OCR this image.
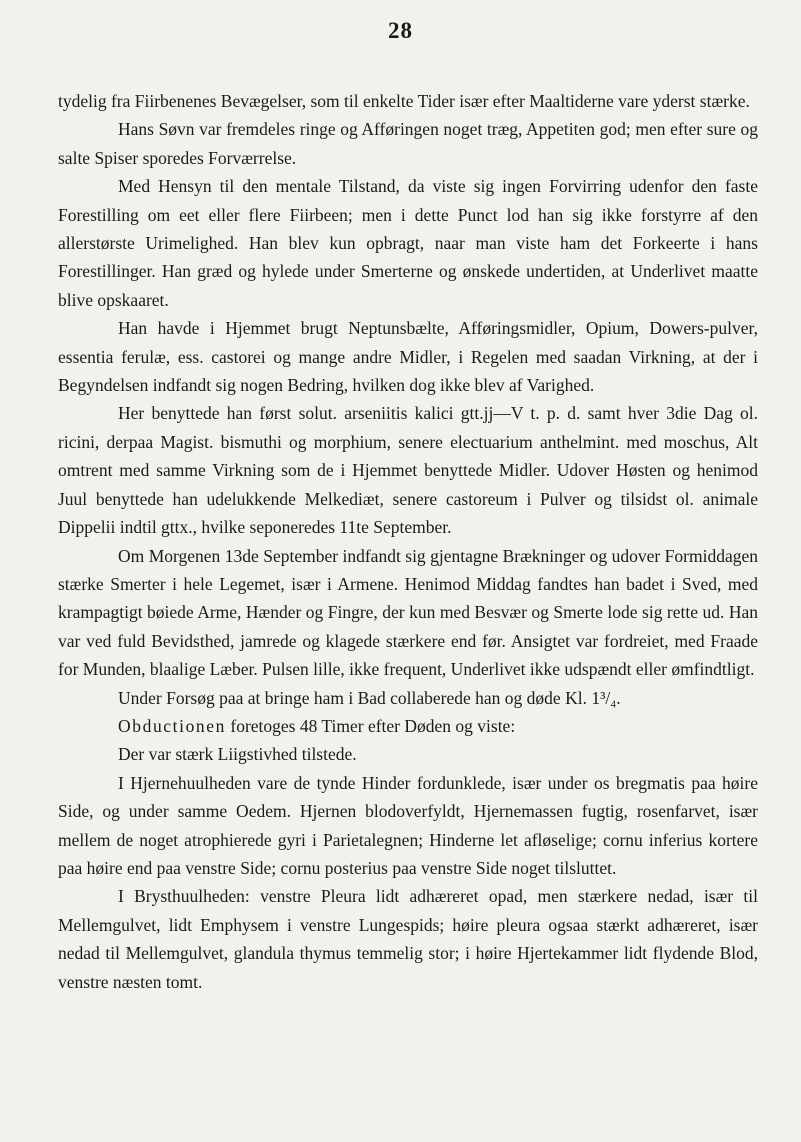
28

tydelig fra Fiirbenenes Bevægelser, som til enkelte Tider især efter Maaltiderne vare yderst stærke.

Hans Søvn var fremdeles ringe og Afføringen noget træg, Appetiten god; men efter sure og salte Spiser sporedes Forværrelse.

Med Hensyn til den mentale Tilstand, da viste sig ingen Forvirring udenfor den faste Forestilling om eet eller flere Fiirbeen; men i dette Punct lod han sig ikke forstyrre af den allerstørste Urimelighed. Han blev kun opbragt, naar man viste ham det Forkeerte i hans Forestillinger. Han græd og hylede under Smerterne og ønskede undertiden, at Underlivet maatte blive opskaaret.

Han havde i Hjemmet brugt Neptunsbælte, Afføringsmidler, Opium, Dowers-pulver, essentia ferulæ, ess. castorei og mange andre Midler, i Regelen med saadan Virkning, at der i Begyndelsen indfandt sig nogen Bedring, hvilken dog ikke blev af Varighed.

Her benyttede han først solut. arseniitis kalici gtt.jj—V t. p. d. samt hver 3die Dag ol. ricini, derpaa Magist. bismuthi og morphium, senere electuarium anthelmint. med moschus, Alt omtrent med samme Virkning som de i Hjemmet benyttede Midler. Udover Høsten og henimod Juul benyttede han udelukkende Melkediæt, senere castoreum i Pulver og tilsidst ol. animale Dippelii indtil gttx., hvilke seponeredes 11te September.

Om Morgenen 13de September indfandt sig gjentagne Brækninger og udover Formiddagen stærke Smerter i hele Legemet, især i Armene. Henimod Middag fandtes han badet i Sved, med krampagtigt bøiede Arme, Hænder og Fingre, der kun med Besvær og Smerte lode sig rette ud. Han var ved fuld Bevidsthed, jamrede og klagede stærkere end før. Ansigtet var fordreiet, med Fraade for Munden, blaalige Læber. Pulsen lille, ikke frequent, Underlivet ikke udspændt eller ømfindtligt.

Under Forsøg paa at bringe ham i Bad collaberede han og døde Kl. 1³/₄.

Obductionen foretoges 48 Timer efter Døden og viste:

Der var stærk Liigstivhed tilstede.

I Hjernehuulheden vare de tynde Hinder fordunklede, især under os bregmatis paa høire Side, og under samme Oedem. Hjernen blodoverfyldt, Hjernemassen fugtig, rosenfarvet, især mellem de noget atrophierede gyri i Parietalegnen; Hinderne let afløselige; cornu inferius kortere paa høire end paa venstre Side; cornu posterius paa venstre Side noget tilsluttet.

I Brysthuulheden: venstre Pleura lidt adhæreret opad, men stærkere nedad, især til Mellemgulvet, lidt Emphysem i venstre Lungespids; høire pleura ogsaa stærkt adhæreret, især nedad til Mellemgulvet, glandula thymus temmelig stor; i høire Hjertekammer lidt flydende Blod, venstre næsten tomt.
